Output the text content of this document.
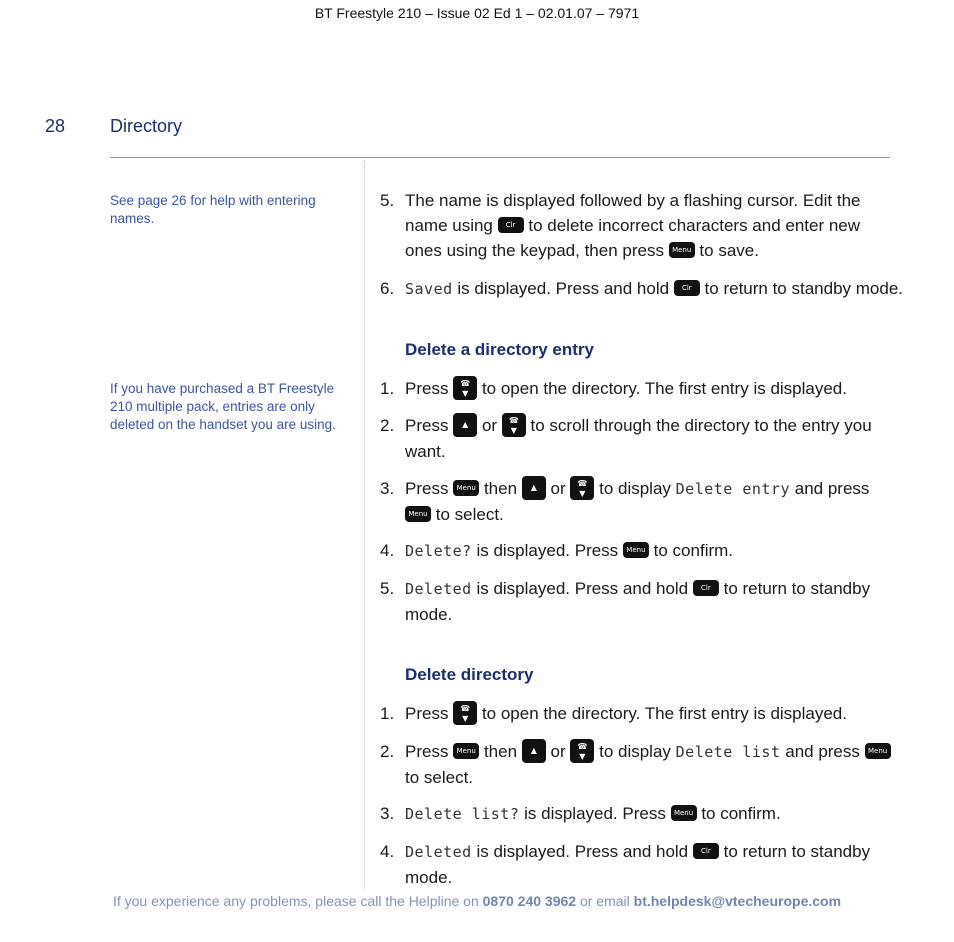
BT Freestyle 210 – Issue 02 Ed 1 – 02.01.07 – 7971
28 Directory
See page 26 for help with entering names.
If you have purchased a BT Freestyle 210 multiple pack, entries are only deleted on the handset you are using.
5. The name is displayed followed by a flashing cursor. Edit the name using Clr to delete incorrect characters and enter new ones using the keypad, then press Menu to save.
6. Saved is displayed. Press and hold Clr to return to standby mode.
Delete a directory entry
1. Press	☎
▼ to open the directory. The first entry is displayed.
2. Press ▲ or	☎
▼ to scroll through the directory to the entry you want.
3. Press Menu then ▲ or	☎
▼ to display Delete entry and press Menu to select.
4. Delete? is displayed. Press Menu to confirm.
5. Deleted is displayed. Press and hold Clr to return to standby mode.
Delete directory
1. Press	☎
▼ to open the directory. The first entry is displayed.
2. Press Menu then ▲ or	☎
▼ to display Delete list and press Menu to select.
3. Delete list? is displayed. Press Menu to confirm.
4. Deleted is displayed. Press and hold Clr to return to standby mode.
If you experience any problems, please call the Helpline on 0870 240 3962 or email bt.helpdesk@vtecheurope.com
